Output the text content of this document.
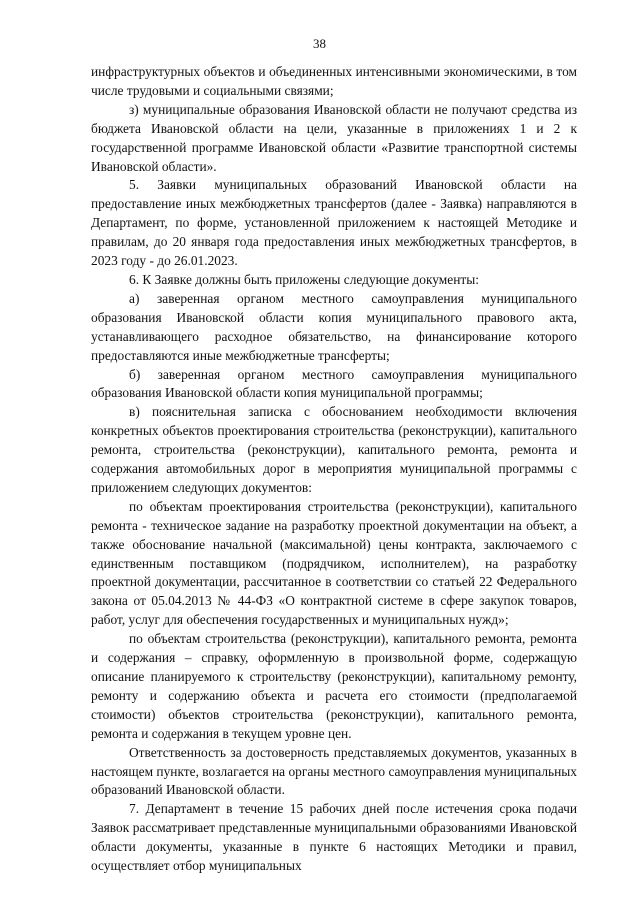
38

инфраструктурных объектов и объединенных интенсивными экономическими, в том числе трудовыми и социальными связями;

з) муниципальные образования Ивановской области не получают средства из бюджета Ивановской области на цели, указанные в приложениях 1 и 2 к государственной программе Ивановской области «Развитие транспортной системы Ивановской области».

5. Заявки муниципальных образований Ивановской области на предоставление иных межбюджетных трансфертов (далее - Заявка) направляются в Департамент, по форме, установленной приложением к настоящей Методике и правилам, до 20 января года предоставления иных межбюджетных трансфертов, в 2023 году - до 26.01.2023.

6. К Заявке должны быть приложены следующие документы:

а) заверенная органом местного самоуправления муниципального образования Ивановской области копия муниципального правового акта, устанавливающего расходное обязательство, на финансирование которого предоставляются иные межбюджетные трансферты;

б) заверенная органом местного самоуправления муниципального образования Ивановской области копия муниципальной программы;

в) пояснительная записка с обоснованием необходимости включения конкретных объектов проектирования строительства (реконструкции), капитального ремонта, строительства (реконструкции), капитального ремонта, ремонта и содержания автомобильных дорог в мероприятия муниципальной программы с приложением следующих документов:

по объектам проектирования строительства (реконструкции), капитального ремонта - техническое задание на разработку проектной документации на объект, а также обоснование начальной (максимальной) цены контракта, заключаемого с единственным поставщиком (подрядчиком, исполнителем), на разработку проектной документации, рассчитанное в соответствии со статьей 22 Федерального закона от 05.04.2013 № 44-ФЗ «О контрактной системе в сфере закупок товаров, работ, услуг для обеспечения государственных и муниципальных нужд»;

по объектам строительства (реконструкции), капитального ремонта, ремонта и содержания – справку, оформленную в произвольной форме, содержащую описание планируемого к строительству (реконструкции), капитальному ремонту, ремонту и содержанию объекта и расчета его стоимости (предполагаемой стоимости) объектов строительства (реконструкции), капитального ремонта, ремонта и содержания в текущем уровне цен.

Ответственность за достоверность представляемых документов, указанных в настоящем пункте, возлагается на органы местного самоуправления муниципальных образований Ивановской области.

7. Департамент в течение 15 рабочих дней после истечения срока подачи Заявок рассматривает представленные муниципальными образованиями Ивановской области документы, указанные в пункте 6 настоящих Методики и правил, осуществляет отбор муниципальных
